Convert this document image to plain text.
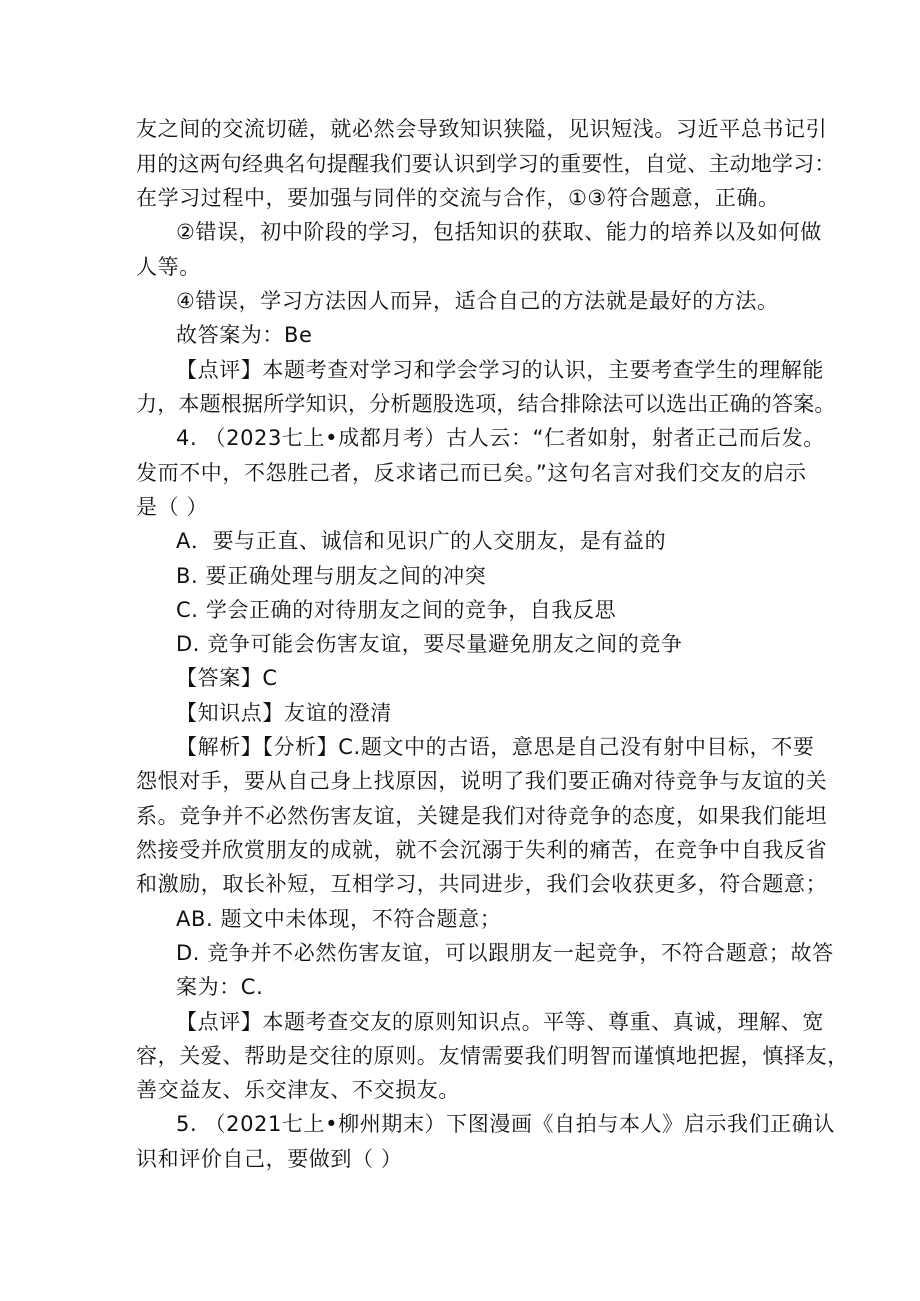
友之间的交流切磋，就必然会导致知识狭隘，见识短浅。习近平总书记引
用的这两句经典名句提醒我们要认识到学习的重要性，自觉、主动地学习：
在学习过程中，要加强与同伴的交流与合作，①③符合题意，正确。
②错误，初中阶段的学习，包括知识的获取、能力的培养以及如何做
人等。
④错误，学习方法因人而异，适合自己的方法就是最好的方法。
故答案为：Be
【点评】本题考查对学习和学会学习的认识，主要考查学生的理解能
力，本题根据所学知识，分析题股选项，结合排除法可以选出正确的答案。
4. （2023七上•成都月考）古人云：“仁者如射，射者正己而后发。
发而不中，不怨胜己者，反求诸己而已矣。”这句名言对我们交友的启示
是（ ）
A．要与正直、诚信和见识广的人交朋友，是有益的
B. 要正确处理与朋友之间的冲突
C. 学会正确的对待朋友之间的竞争，自我反思
D. 竞争可能会伤害友谊，要尽量避免朋友之间的竞争
【答案】C
【知识点】友谊的澄清
【解析】【分析】C.题文中的古语，意思是自己没有射中目标，不要
怨恨对手，要从自己身上找原因，说明了我们要正确对待竞争与友谊的关
系。竞争并不必然伤害友谊，关键是我们对待竞争的态度，如果我们能坦
然接受并欣赏朋友的成就，就不会沉溺于失利的痛苦，在竞争中自我反省
和激励，取长补短，互相学习，共同进步，我们会收获更多，符合题意；
AB. 题文中未体现，不符合题意；
D. 竞争并不必然伤害友谊，可以跟朋友一起竞争，不符合题意；故答
案为：C.
【点评】本题考查交友的原则知识点。平等、尊重、真诚，理解、宽
容，关爱、帮助是交往的原则。友情需要我们明智而谨慎地把握，慎择友，
善交益友、乐交津友、不交损友。
5. （2021七上•柳州期末）下图漫画《自拍与本人》启示我们正确认
识和评价自己，要做到（ ）
